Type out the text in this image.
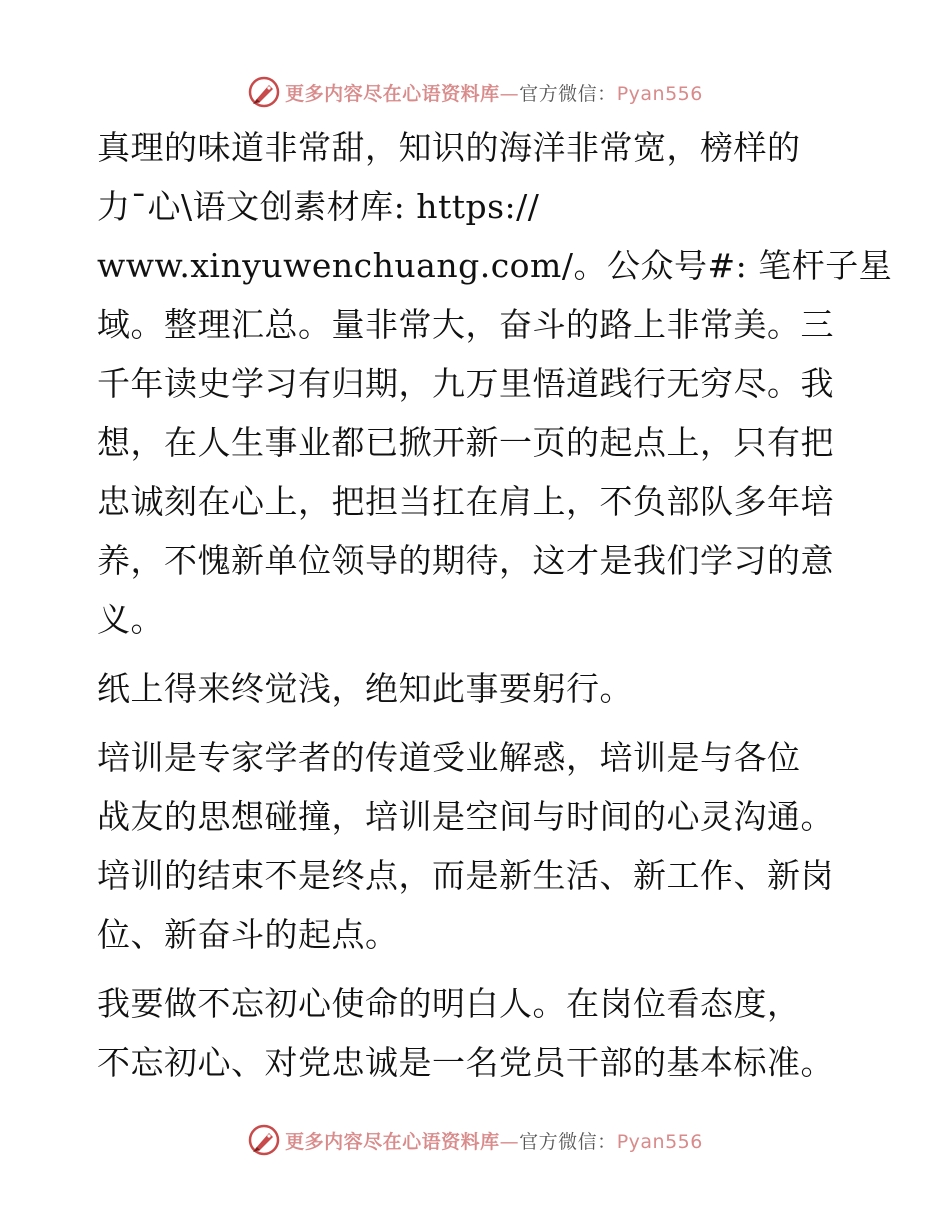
更多内容尽在心语资料库—官方微信：Pyan556

真理的味道非常甜，知识的海洋非常宽，榜样的
力¯心\语文创素材库: https://
www.xinyuwenchuang.com/。公众号#: 笔杆子星
域。整理汇总。量非常大，奋斗的路上非常美。三
千年读史学习有归期，九万里悟道践行无穷尽。我
想，在人生事业都已掀开新一页的起点上，只有把
忠诚刻在心上，把担当扛在肩上，不负部队多年培
养，不愧新单位领导的期待，这才是我们学习的意
义。

纸上得来终觉浅，绝知此事要躬行。

培训是专家学者的传道受业解惑，培训是与各位
战友的思想碰撞，培训是空间与时间的心灵沟通。
培训的结束不是终点，而是新生活、新工作、新岗
位、新奋斗的起点。

我要做不忘初心使命的明白人。在岗位看态度，
不忘初心、对党忠诚是一名党员干部的基本标准。

更多内容尽在心语资料库—官方微信：Pyan556
